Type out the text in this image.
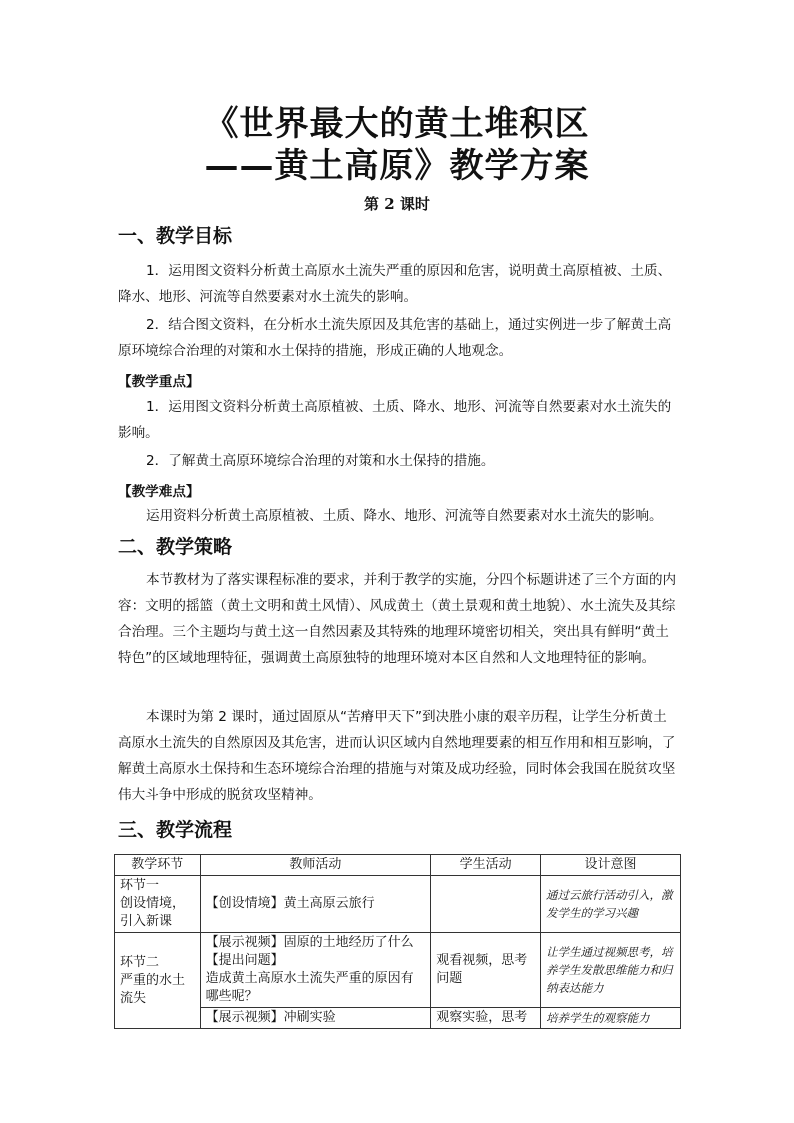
《世界最大的黄土堆积区
——黄土高原》教学方案
第 2 课时
一、教学目标
1．运用图文资料分析黄土高原水土流失严重的原因和危害，说明黄土高原植被、土质、降水、地形、河流等自然要素对水土流失的影响。
2．结合图文资料，在分析水土流失原因及其危害的基础上，通过实例进一步了解黄土高原环境综合治理的对策和水土保持的措施，形成正确的人地观念。
【教学重点】
1．运用图文资料分析黄土高原植被、土质、降水、地形、河流等自然要素对水土流失的影响。
2．了解黄土高原环境综合治理的对策和水土保持的措施。
【教学难点】
运用资料分析黄土高原植被、土质、降水、地形、河流等自然要素对水土流失的影响。
二、教学策略
本节教材为了落实课程标准的要求，并利于教学的实施，分四个标题讲述了三个方面的内容：文明的摇篮（黄土文明和黄土风情）、风成黄土（黄土景观和黄土地貌）、水土流失及其综合治理。三个主题均与黄土这一自然因素及其特殊的地理环境密切相关，突出具有鲜明“黄土特色”的区域地理特征，强调黄土高原独特的地理环境对本区自然和人文地理特征的影响。
本课时为第 2 课时，通过固原从“苦瘠甲天下”到决胜小康的艰辛历程，让学生分析黄土高原水土流失的自然原因及其危害，进而认识区域内自然地理要素的相互作用和相互影响，了解黄土高原水土保持和生态环境综合治理的措施与对策及成功经验，同时体会我国在脱贫攻坚伟大斗争中形成的脱贫攻坚精神。
三、教学流程
教学环节	教师活动	学生活动	设计意图
环节一
创设情境，引入新课	【创设情境】黄土高原云旅行		通过云旅行活动引入，激发学生的学习兴趣
环节二
严重的水土流失	【展示视频】固原的土地经历了什么
【提出问题】
造成黄土高原水土流失严重的原因有哪些呢？	观看视频，思考问题	让学生通过视频思考，培养学生发散思维能力和归纳表达能力
	【展示视频】冲刷实验	观察实验，思考	培养学生的观察能力
